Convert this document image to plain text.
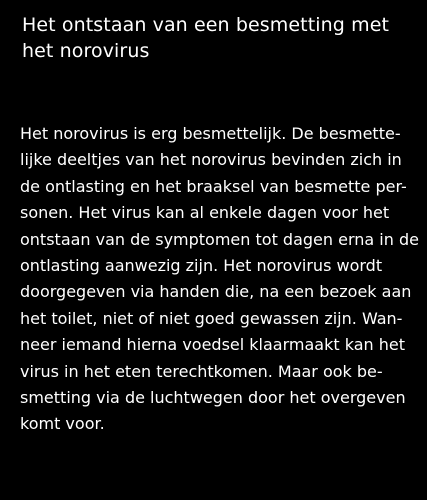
Het ontstaan van een besmetting met
het norovirus

Het norovirus is erg besmettelijk. De besmette-
lijke deeltjes van het norovirus bevinden zich in
de ontlasting en het braaksel van besmette per-
sonen. Het virus kan al enkele dagen voor het
ontstaan van de symptomen tot dagen erna in de
ontlasting aanwezig zijn. Het norovirus wordt
doorgegeven via handen die, na een bezoek aan
het toilet, niet of niet goed gewassen zijn. Wan-
neer iemand hierna voedsel klaarmaakt kan het
virus in het eten terechtkomen. Maar ook be-
smetting via de luchtwegen door het overgeven
komt voor.
